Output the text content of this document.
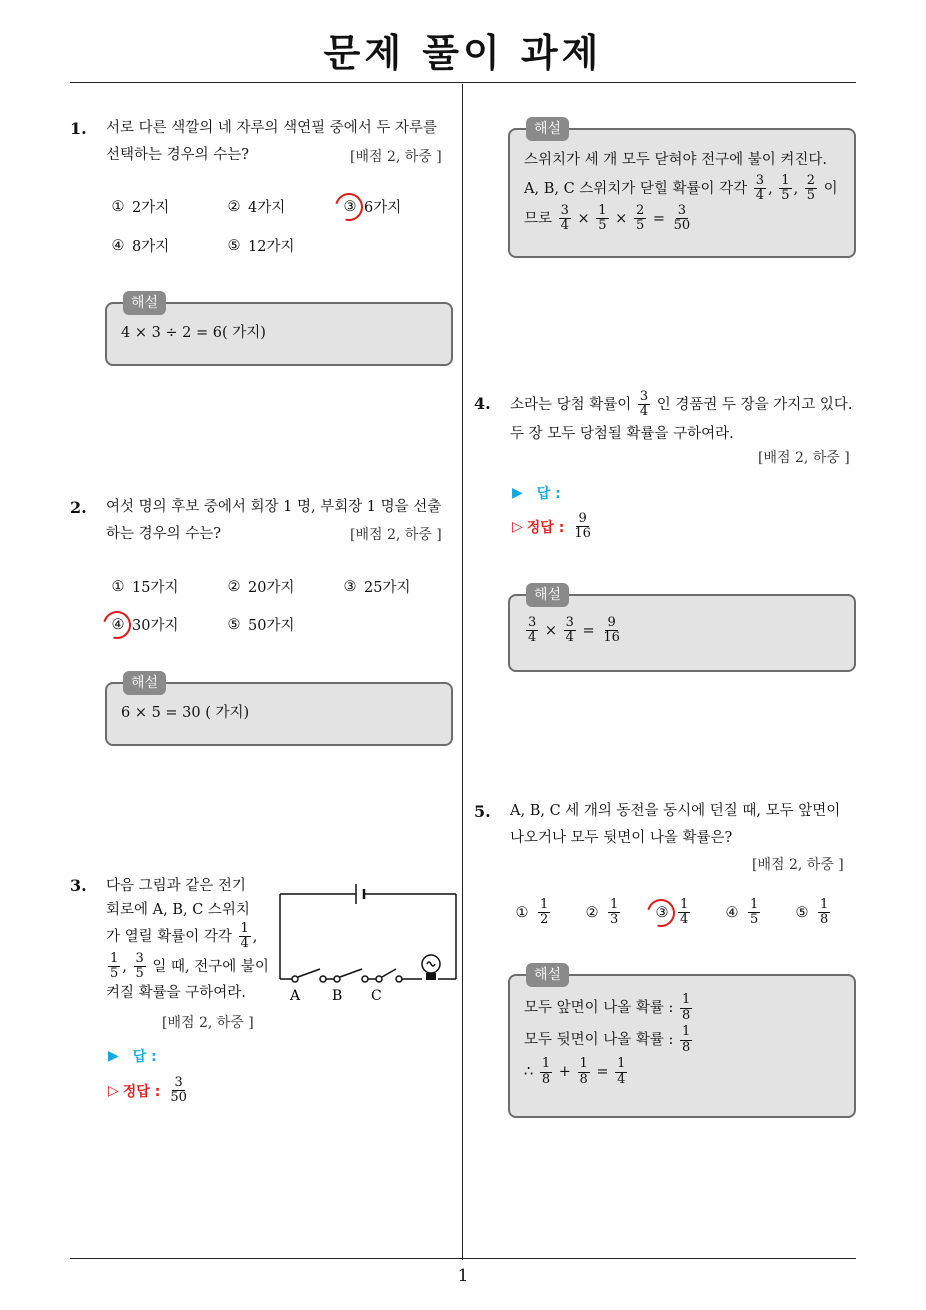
문제 풀이 과제
1
1. 서로 다른 색깔의 네 자루의 색연필 중에서 두 자루를
선택하는 경우의 수는?	[배점 2, 하중 ]
① 2가지	② 4가지	③ 6가지
④ 8가지	⑤ 12가지
해설
4 × 3 ÷ 2 = 6( 가지)
2. 여섯 명의 후보 중에서 회장 1 명, 부회장 1 명을 선출
하는 경우의 수는?	[배점 2, 하중 ]
① 15가지	② 20가지	③ 25가지
④ 30가지	⑤ 50가지
해설
6 × 5 = 30 ( 가지)
3. 다음 그림과 같은 전기
회로에 A, B, C 스위치
가 열릴 확률이 각각 $\frac{1}{4}$ ,
$\frac{1}{5}$ , $\frac{3}{5}$ 일 때, 전구에 불이
켜질 확률을 구하여라.
[배점 2, 하중 ]
A B C
▶ 답 :
▷ 정답 : $\frac{3}{50}$
해설
스위치가 세 개 모두 닫혀야 전구에 불이 켜진다.
A, B, C 스위치가 닫힐 확률이 각각 $\frac{3}{4}$ , $\frac{1}{5}$ , $\frac{2}{5}$ 이
므로 $\frac{3}{4} \times \frac{1}{5} \times \frac{2}{5} = \frac{3}{50}$
4. 소라는 당첨 확률이 $\frac{3}{4}$ 인 경품권 두 장을 가지고 있다.
두 장 모두 당첨될 확률을 구하여라.
[배점 2, 하중 ]
▶ 답 :
▷ 정답 : $\frac{9}{16}$
해설
$\frac{3}{4} \times \frac{3}{4} = \frac{9}{16}$
5. A, B, C 세 개의 동전을 동시에 던질 때, 모두 앞면이
나오거나 모두 뒷면이 나올 확률은?
[배점 2, 하중 ]
① $\frac{1}{2}$ ② $\frac{1}{3}$ ③ $\frac{1}{4}$ ④ $\frac{1}{5}$ ⑤ $\frac{1}{8}$
해설
모두 앞면이 나올 확률 : $\frac{1}{8}$
모두 뒷면이 나올 확률 : $\frac{1}{8}$
∴ $\frac{1}{8} + \frac{1}{8} = \frac{1}{4}$
